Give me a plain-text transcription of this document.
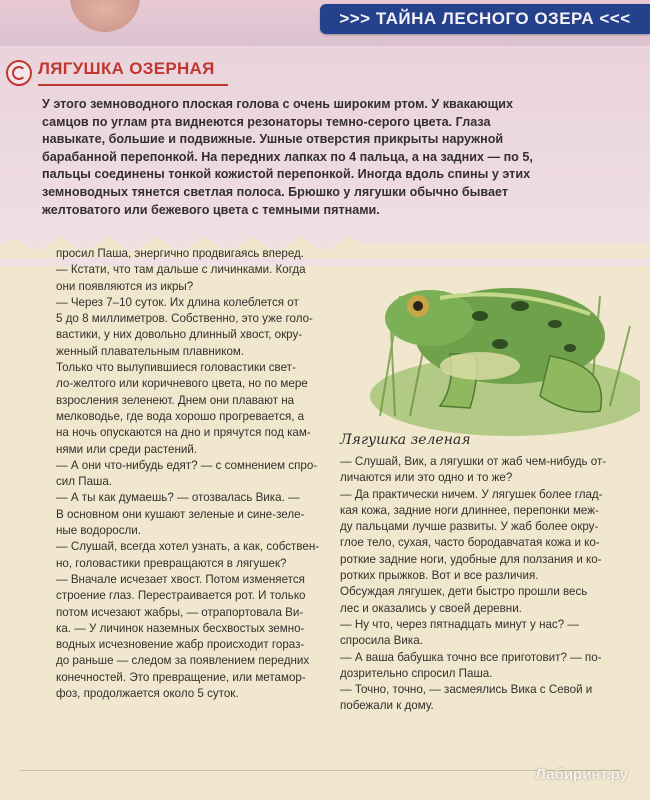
>>> ТАЙНА ЛЕСНОГО ОЗЕРА <<<
ЛЯГУШКА ОЗЕРНАЯ
У этого земноводного плоская голова с очень широким ртом. У квакающих
самцов по углам рта виднеются резонаторы темно-серого цвета. Глаза
навыкате, большие и подвижные. Ушные отверстия прикрыты наружной
барабанной перепонкой. На передних лапках по 4 пальца, а на задних — по 5,
пальцы соединены тонкой кожистой перепонкой. Иногда вдоль спины у этих
земноводных тянется светлая полоса. Брюшко у лягушки обычно бывает
желтоватого или бежевого цвета с темными пятнами.
Лягушка зеленая
просил Паша, энергично продвигаясь вперед.
— Кстати, что там дальше с личинками. Когда
они появляются из икры?
— Через 7–10 суток. Их длина колеблется от
5 до 8 миллиметров. Собственно, это уже голо-
вастики, у них довольно длинный хвост, окру-
женный плавательным плавником.
Только что вылупившиеся головастики свет-
ло-желтого или коричневого цвета, но по мере
взросления зеленеют. Днем они плавают на
мелководье, где вода хорошо прогревается, а
на ночь опускаются на дно и прячутся под кам-
нями или среди растений.
— А они что-нибудь едят? — с сомнением спро-
сил Паша.
— А ты как думаешь? — отозвалась Вика. —
В основном они кушают зеленые и сине-зеле-
ные водоросли.
— Слушай, всегда хотел узнать, а как, собствен-
но, головастики превращаются в лягушек?
— Вначале исчезает хвост. Потом изменяется
строение глаз. Перестраивается рот. И только
потом исчезают жабры, — отрапортовала Ви-
ка. — У личинок наземных бесхвостых земно-
водных исчезновение жабр происходит гораз-
до раньше — следом за появлением передних
конечностей. Это превращение, или метамор-
фоз, продолжается около 5 суток.
— Слушай, Вик, а лягушки от жаб чем-нибудь от-
личаются или это одно и то же?
— Да практически ничем. У лягушек более глад-
кая кожа, задние ноги длиннее, перепонки меж-
ду пальцами лучше развиты. У жаб более окру-
глое тело, сухая, часто бородавчатая кожа и ко-
роткие задние ноги, удобные для ползания и ко-
ротких прыжков. Вот и все различия.
Обсуждая лягушек, дети быстро прошли весь
лес и оказались у своей деревни.
— Ну что, через пятнадцать минут у нас? —
спросила Вика.
— А ваша бабушка точно все приготовит? — по-
дозрительно спросил Паша.
— Точно, точно, — засмеялись Вика с Севой и
побежали к дому.
Лабиринт.ру
